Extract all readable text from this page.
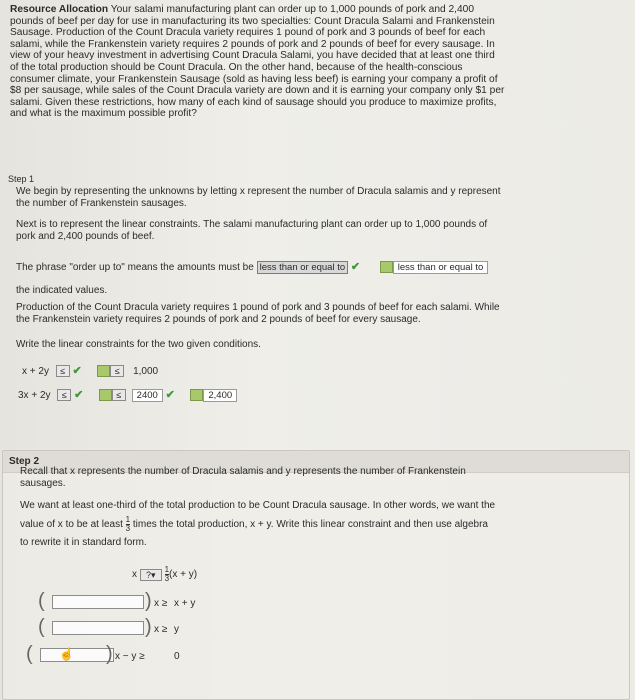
Resource Allocation Your salami manufacturing plant can order up to 1,000 pounds of pork and 2,400
pounds of beef per day for use in manufacturing its two specialties: Count Dracula Salami and Frankenstein
Sausage. Production of the Count Dracula variety requires 1 pound of pork and 3 pounds of beef for each
salami, while the Frankenstein variety requires 2 pounds of pork and 2 pounds of beef for every sausage. In
view of your heavy investment in advertising Count Dracula Salami, you have decided that at least one third
of the total production should be Count Dracula. On the other hand, because of the health-conscious
consumer climate, your Frankenstein Sausage (sold as having less beef) is earning your company a profit of
$8 per sausage, while sales of the Count Dracula variety are down and it is earning your company only $1 per
salami. Given these restrictions, how many of each kind of sausage should you produce to maximize profits,
and what is the maximum possible profit?
Step 1
We begin by representing the unknowns by letting x represent the number of Dracula salamis and y represent
the number of Frankenstein sausages.
Next is to represent the linear constraints. The salami manufacturing plant can order up to 1,000 pounds of
pork and 2,400 pounds of beef.
The phrase "order up to" means the amounts must be less than or equal to ✔	less than or equal to
the indicated values.
Production of the Count Dracula variety requires 1 pound of pork and 3 pounds of beef for each salami. While
the Frankenstein variety requires 2 pounds of pork and 2 pounds of beef for every sausage.
Write the linear constraints for the two given conditions.
x + 2y ≤ ✔	≤ 1,000
3x + 2y ≤ ✔	≤ 2400 ✔	2,400
Step 2
Recall that x represents the number of Dracula salamis and y represents the number of Frankenstein
sausages.
We want at least one-third of the total production to be Count Dracula sausage. In other words, we want the
value of x to be at least $\frac{1}{3}$ times the total production, x + y. Write this linear constraint and then use algebra
to rewrite it in standard form.
x ?▾ $\frac{1}{3} (x + y)$
(	) x ≥ x + y
(	) x ≥ y
( ☝ ) x − y ≥	0
